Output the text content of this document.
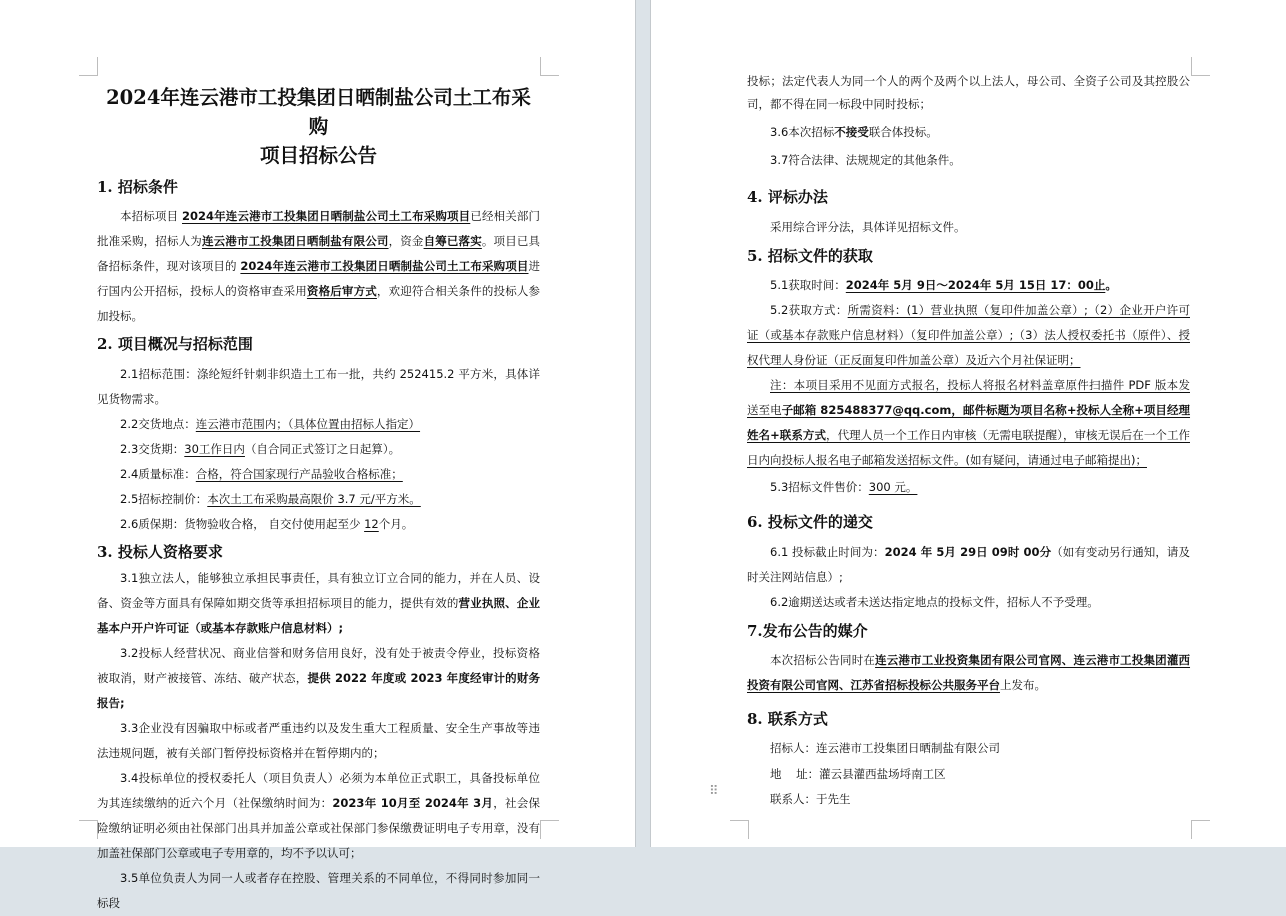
2024年连云港市工投集团日晒制盐公司土工布采购
项目招标公告
1. 招标条件
本招标项目 2024年连云港市工投集团日晒制盐公司土工布采购项目已经相关部门批准采购，招标人为连云港市工投集团日晒制盐有限公司，资金自筹已落实。项目已具备招标条件，现对该项目的 2024年连云港市工投集团日晒制盐公司土工布采购项目进行国内公开招标，投标人的资格审查采用资格后审方式，欢迎符合相关条件的投标人参加投标。
2. 项目概况与招标范围
2.1招标范围：涤纶短纤针刺非织造土工布一批，共约 252415.2 平方米，具体详见货物需求。
2.2交货地点：连云港市范围内；（具体位置由招标人指定）
2.3交货期：30工作日内（自合同正式签订之日起算）。
2.4质量标准：合格，符合国家现行产品验收合格标准；
2.5招标控制价：本次土工布采购最高限价 3.7 元/平方米。
2.6质保期：货物验收合格， 自交付使用起至少 12个月。
3. 投标人资格要求
3.1独立法人，能够独立承担民事责任，具有独立订立合同的能力，并在人员、设备、资金等方面具有保障如期交货等承担招标项目的能力，提供有效的营业执照、企业基本户开户许可证（或基本存款账户信息材料）;
3.2投标人经营状况、商业信誉和财务信用良好，没有处于被责令停业，投标资格被取消，财产被接管、冻结、破产状态，提供 2022 年度或 2023 年度经审计的财务报告;
3.3企业没有因骗取中标或者严重违约以及发生重大工程质量、安全生产事故等违法违规问题，被有关部门暂停投标资格并在暂停期内的；
3.4投标单位的授权委托人（项目负责人）必须为本单位正式职工，具备投标单位为其连续缴纳的近六个月（社保缴纳时间为：2023年 10月至 2024年 3月，社会保险缴纳证明必须由社保部门出具并加盖公章或社保部门参保缴费证明电子专用章，没有加盖社保部门公章或电子专用章的，均不予以认可；
3.5单位负责人为同一人或者存在控股、管理关系的不同单位，不得同时参加同一标段
投标；法定代表人为同一个人的两个及两个以上法人，母公司、全资子公司及其控股公司，都不得在同一标段中同时投标；
3.6本次招标不接受联合体投标。
3.7符合法律、法规规定的其他条件。
4. 评标办法
采用综合评分法，具体详见招标文件。
5. 招标文件的获取
5.1获取时间：2024年 5月 9日～2024年 5月 15日 17：00止。
5.2获取方式：所需资料：(1）营业执照（复印件加盖公章）;（2）企业开户许可证（或基本存款账户信息材料）（复印件加盖公章）;（3）法人授权委托书（原件）、授权代理人身份证（正反面复印件加盖公章）及近六个月社保证明；
注：本项目采用不见面方式报名，投标人将报名材料盖章原件扫描件 PDF 版本发送至电子邮箱 825488377@qq.com，邮件标题为项目名称+投标人全称+项目经理姓名+联系方式，代理人员一个工作日内审核（无需电联提醒），审核无误后在一个工作日内向投标人报名电子邮箱发送招标文件。(如有疑问，请通过电子邮箱提出)；
5.3招标文件售价：300 元。
6. 投标文件的递交
6.1 投标截止时间为：2024 年 5月 29日 09时 00分（如有变动另行通知，请及时关注网站信息）;
6.2逾期送达或者未送达指定地点的投标文件，招标人不予受理。
7.发布公告的媒介
本次招标公告同时在连云港市工业投资集团有限公司官网、连云港市工投集团灌西投资有限公司官网、江苏省招标投标公共服务平台上发布。
8. 联系方式
招标人：连云港市工投集团日晒制盐有限公司
地    址：灌云县灌西盐场埒南工区
联系人：于先生
⠿
